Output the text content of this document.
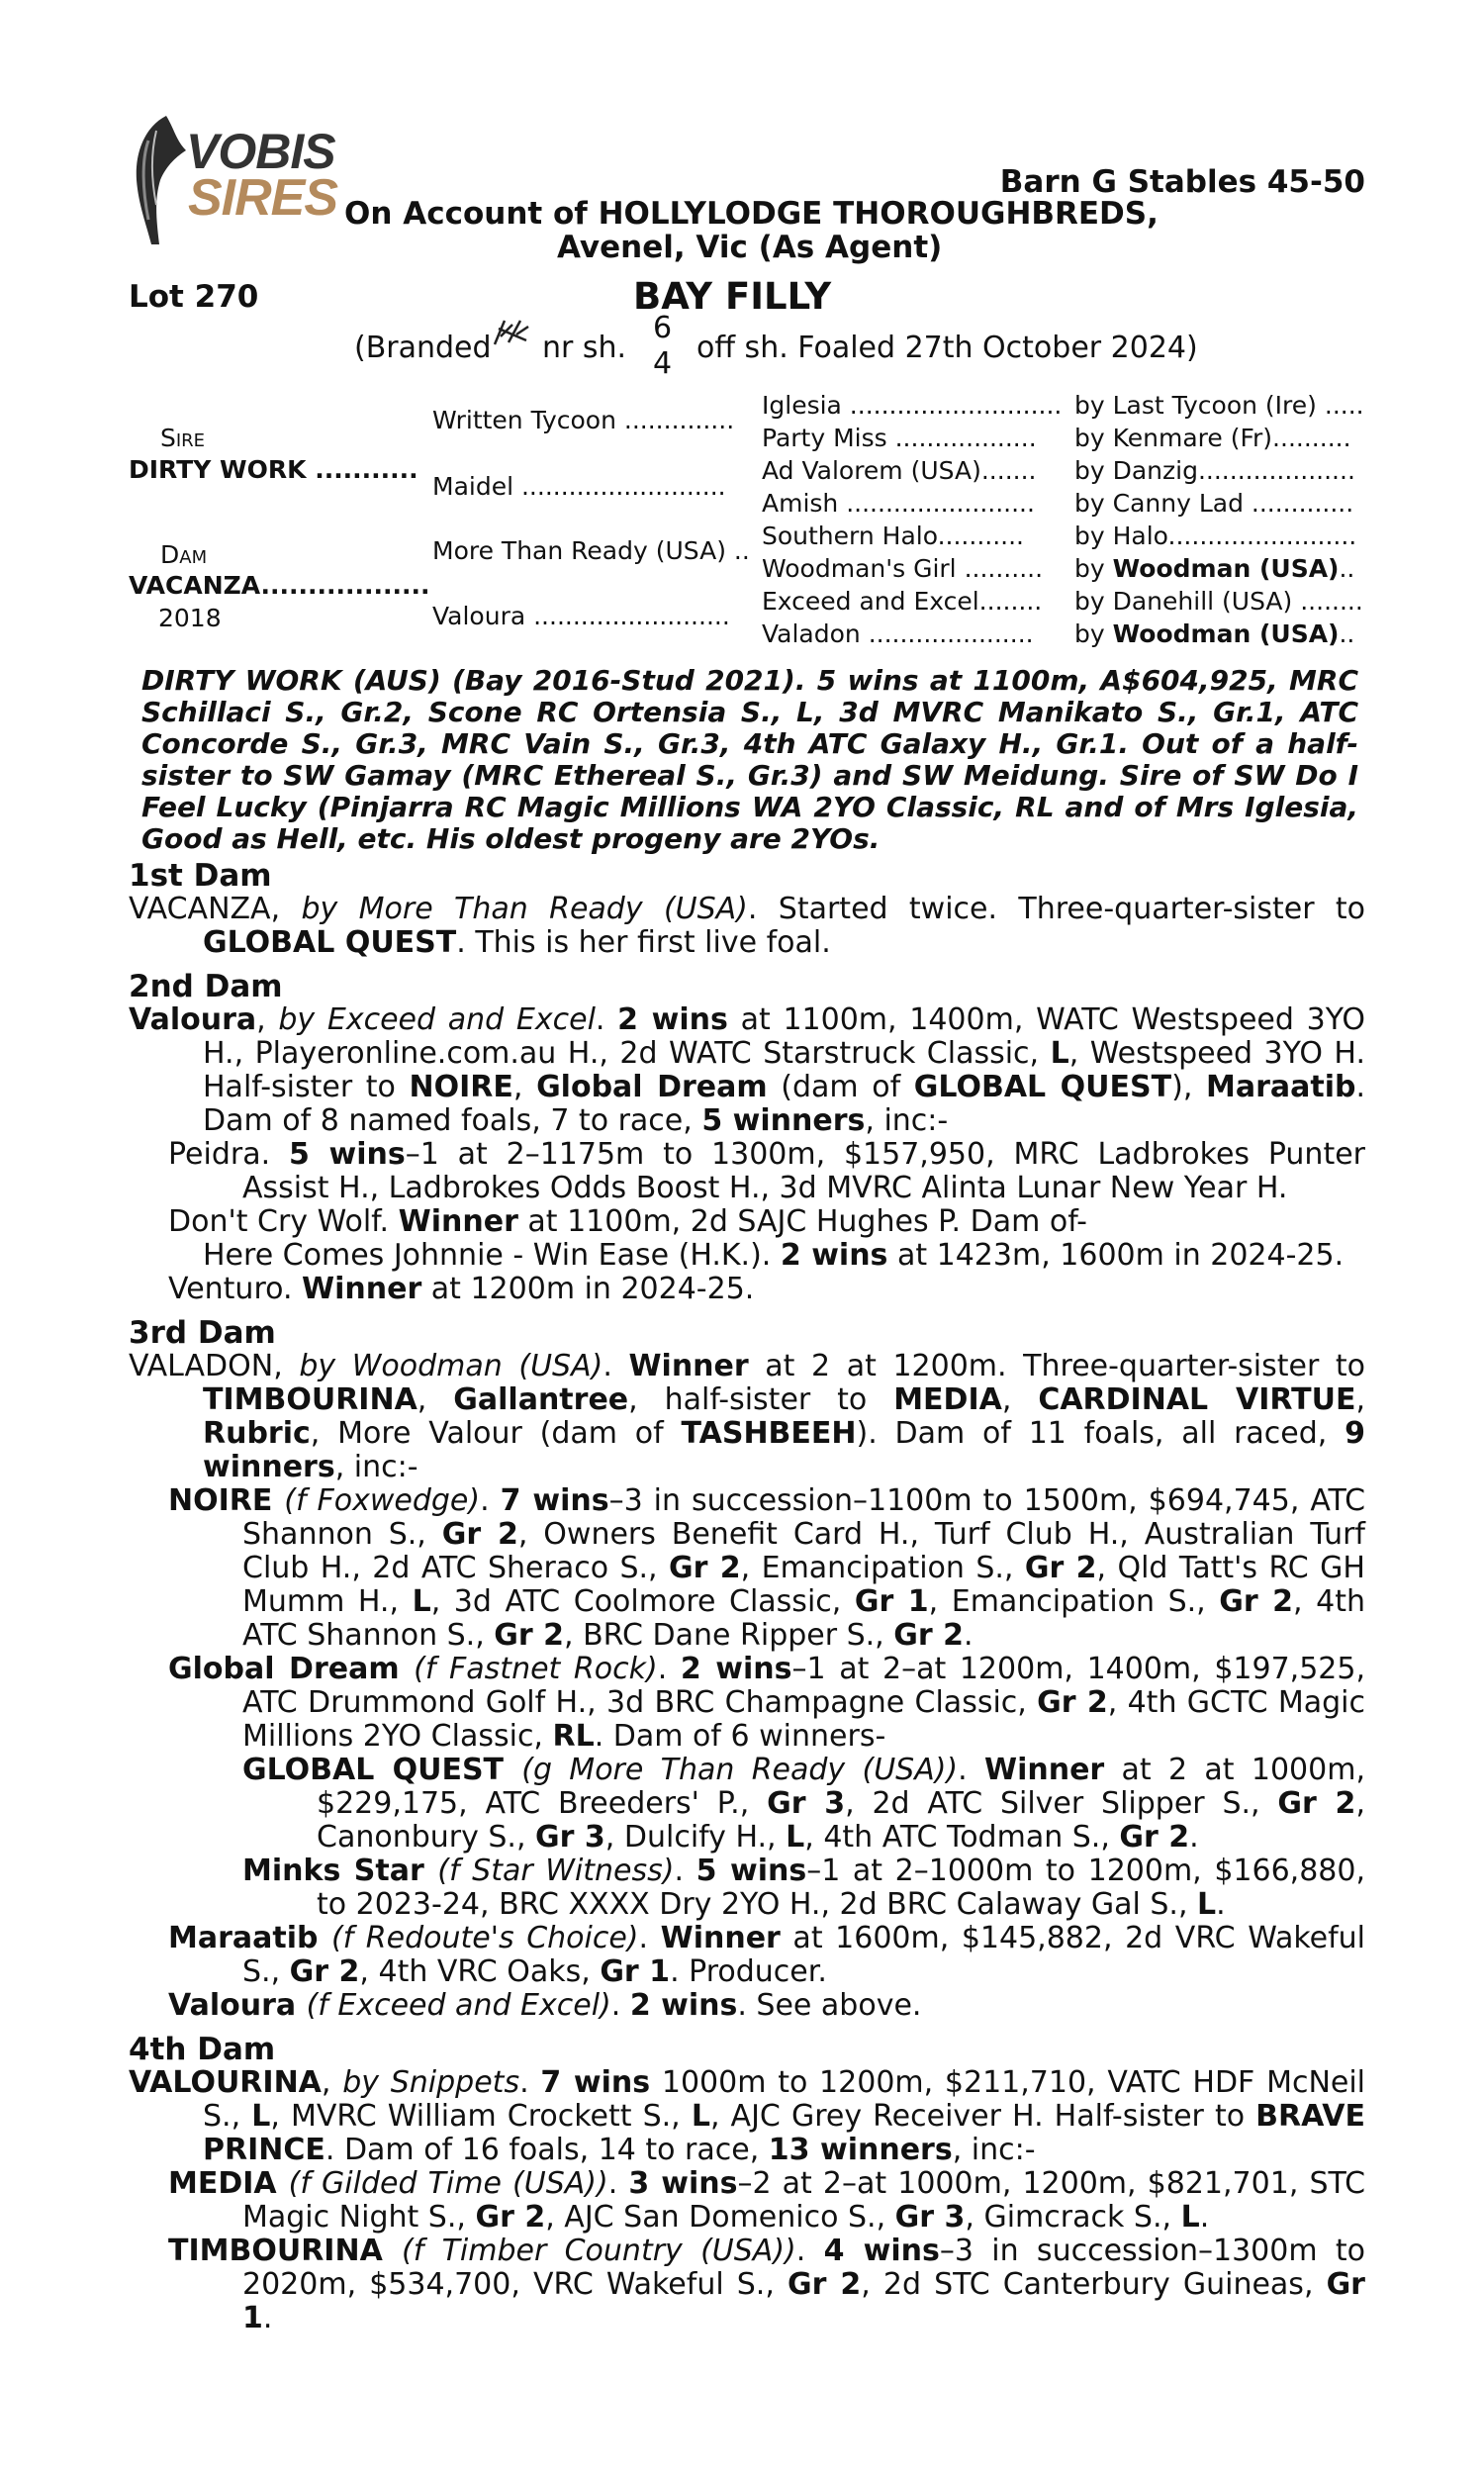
VOBIS
SIRES	Barn G Stables 45-50
On Account of HOLLYLODGE THOROUGHBREDS,
Avenel, Vic (As Agent)
Lot 270	BAY FILLY
(Branded nr sh.
6
4 off sh. Foaled 27th October 2024)
Sire
DIRTY WORK ...........
Dam
VACANZA..................
2018
Written Tycoon ..............
Maidel ..........................
More Than Ready (USA) ..
Valoura .........................
Iglesia ........................... by Last Tycoon (Ire) .....
Party Miss .................. by Kenmare (Fr)..........
Ad Valorem (USA)....... by Danzig....................
Amish ........................ by Canny Lad .............
Southern Halo........... by Halo........................
Woodman's Girl .......... by Woodman (USA)..
Exceed and Excel........ by Danehill (USA) ........
Valadon ..................... by Woodman (USA)..
DIRTY WORK (AUS) (Bay 2016-Stud 2021). 5 wins at 1100m, A$604,925, MRC Schillaci S., Gr.2, Scone RC Ortensia S., L, 3d MVRC Manikato S., Gr.1, ATC Concorde S., Gr.3, MRC Vain S., Gr.3, 4th ATC Galaxy H., Gr.1. Out of a half-sister to SW Gamay (MRC Ethereal S., Gr.3) and SW Meidung. Sire of SW Do I Feel Lucky (Pinjarra RC Magic Millions WA 2YO Classic, RL and of Mrs Iglesia, Good as Hell, etc. His oldest progeny are 2YOs.
1st Dam

VACANZA, by More Than Ready (USA). Started twice. Three-quarter-sister to GLOBAL QUEST. This is her first live foal.

2nd Dam

Valoura, by Exceed and Excel. 2 wins at 1100m, 1400m, WATC Westspeed 3YO H., Playeronline.com.au H., 2d WATC Starstruck Classic, L, Westspeed 3YO H. Half-sister to NOIRE, Global Dream (dam of GLOBAL QUEST), Maraatib. Dam of 8 named foals, 7 to race, 5 winners, inc:-

Peidra. 5 wins–1 at 2–1175m to 1300m, $157,950, MRC Ladbrokes Punter Assist H., Ladbrokes Odds Boost H., 3d MVRC Alinta Lunar New Year H.

Don't Cry Wolf. Winner at 1100m, 2d SAJC Hughes P. Dam of-

Here Comes Johnnie - Win Ease (H.K.). 2 wins at 1423m, 1600m in 2024-25.

Venturo. Winner at 1200m in 2024-25.

3rd Dam

VALADON, by Woodman (USA). Winner at 2 at 1200m. Three-quarter-sister to TIMBOURINA, Gallantree, half-sister to MEDIA, CARDINAL VIRTUE, Rubric, More Valour (dam of TASHBEEH). Dam of 11 foals, all raced, 9 winners, inc:-

NOIRE (f Foxwedge). 7 wins–3 in succession–1100m to 1500m, $694,745, ATC Shannon S., Gr 2, Owners Benefit Card H., Turf Club H., Australian Turf Club H., 2d ATC Sheraco S., Gr 2, Emancipation S., Gr 2, Qld Tatt's RC GH Mumm H., L, 3d ATC Coolmore Classic, Gr 1, Emancipation S., Gr 2, 4th ATC Shannon S., Gr 2, BRC Dane Ripper S., Gr 2.

Global Dream (f Fastnet Rock). 2 wins–1 at 2–at 1200m, 1400m, $197,525, ATC Drummond Golf H., 3d BRC Champagne Classic, Gr 2, 4th GCTC Magic Millions 2YO Classic, RL. Dam of 6 winners-

GLOBAL QUEST (g More Than Ready (USA)). Winner at 2 at 1000m, $229,175, ATC Breeders' P., Gr 3, 2d ATC Silver Slipper S., Gr 2, Canonbury S., Gr 3, Dulcify H., L, 4th ATC Todman S., Gr 2.

Minks Star (f Star Witness). 5 wins–1 at 2–1000m to 1200m, $166,880, to 2023-24, BRC XXXX Dry 2YO H., 2d BRC Calaway Gal S., L.

Maraatib (f Redoute's Choice). Winner at 1600m, $145,882, 2d VRC Wakeful S., Gr 2, 4th VRC Oaks, Gr 1. Producer.

Valoura (f Exceed and Excel). 2 wins. See above.

4th Dam

VALOURINA, by Snippets. 7 wins 1000m to 1200m, $211,710, VATC HDF McNeil S., L, MVRC William Crockett S., L, AJC Grey Receiver H. Half-sister to BRAVE PRINCE. Dam of 16 foals, 14 to race, 13 winners, inc:-

MEDIA (f Gilded Time (USA)). 3 wins–2 at 2–at 1000m, 1200m, $821,701, STC Magic Night S., Gr 2, AJC San Domenico S., Gr 3, Gimcrack S., L.

TIMBOURINA (f Timber Country (USA)). 4 wins–3 in succession–1300m to 2020m, $534,700, VRC Wakeful S., Gr 2, 2d STC Canterbury Guineas, Gr 1.
